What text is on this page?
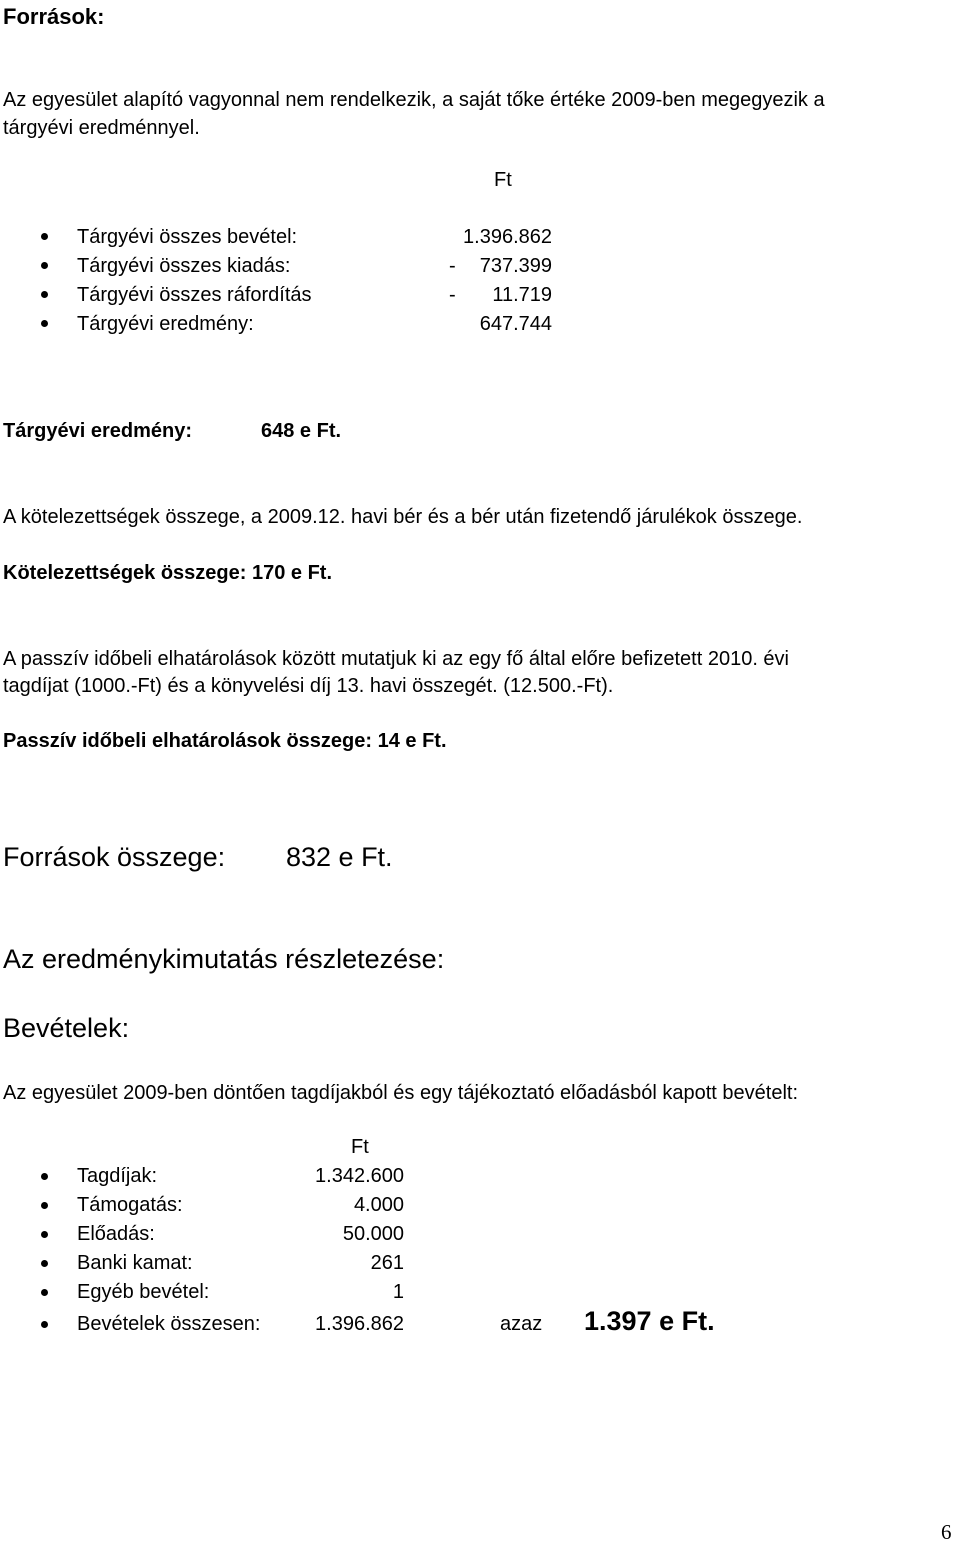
Források:
Az egyesület alapító vagyonnal nem rendelkezik, a saját tőke értéke 2009-ben megegyezik a
tárgyévi eredménnyel.
Ft
Tárgyévi összes bevétel:	1.396.862
Tárgyévi összes kiadás:	- 737.399
Tárgyévi összes ráfordítás	- 11.719
Tárgyévi eredmény:	647.744
Tárgyévi eredmény:	648 e Ft.
A kötelezettségek összege, a 2009.12. havi bér és a bér után fizetendő járulékok összege.
Kötelezettségek összege: 170 e Ft.
A passzív időbeli elhatárolások között mutatjuk ki az egy fő által előre befizetett 2010. évi
tagdíjat (1000.-Ft) és a könyvelési díj 13. havi összegét. (12.500.-Ft).
Passzív időbeli elhatárolások összege: 14 e Ft.
Források összege: 832 e Ft.
Az eredménykimutatás részletezése:
Bevételek:
Az egyesület 2009-ben döntően tagdíjakból és egy tájékoztató előadásból kapott bevételt:
Ft
Tagdíjak:	1.342.600
Támogatás:	4.000
Előadás:	50.000
Banki kamat:	261
Egyéb bevétel:	1
Bevételek összesen:	1.396.862	azaz 1.397 e Ft.
6
